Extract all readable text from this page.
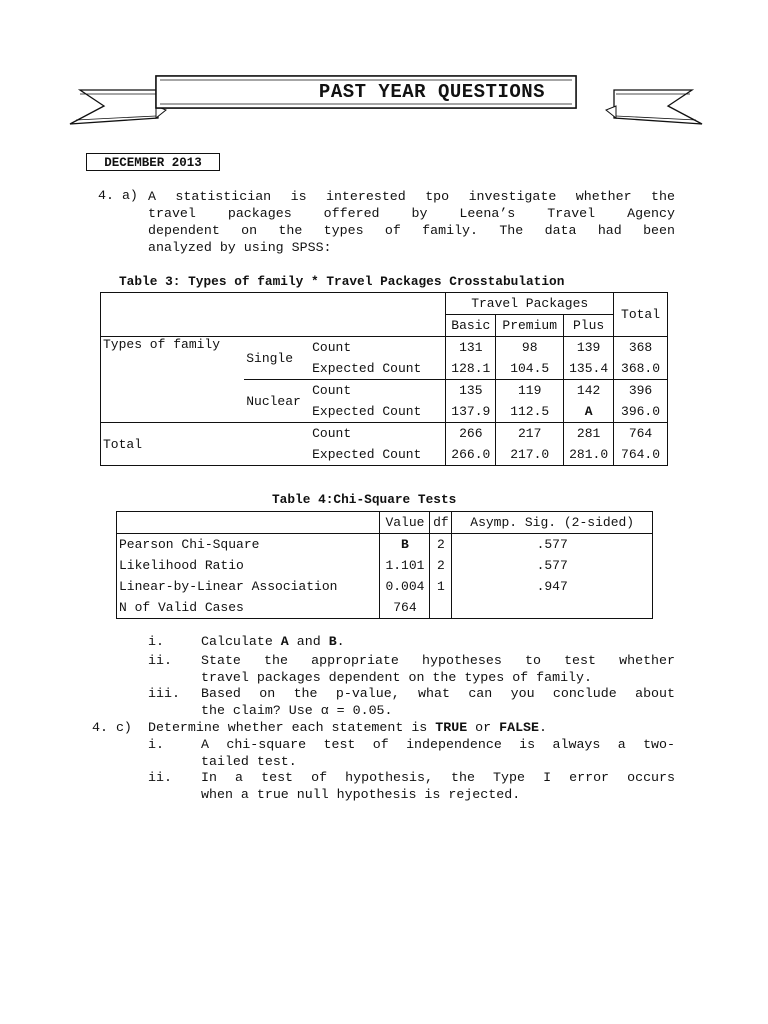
PAST YEAR QUESTIONS
DECEMBER 2013
4. a) A statistician is interested tpo investigate whether the
travel packages offered by Leena’s Travel Agency
dependent on the types of family. The data had been
analyzed by using SPSS:
Table 3: Types of family * Travel Packages Crosstabulation
			Travel Packages			Total
			Basic	Premium	Plus	
Types of family	Single	Count	131	98	139	368
		Expected Count	128.1	104.5	135.4	368.0
	Nuclear	Count	135	119	142	396
		Expected Count	137.9	112.5	A	396.0
Total		Count	266	217	281	764
		Expected Count	266.0	217.0	281.0	764.0
Table 4:Chi-Square Tests
	Value	df	Asymp. Sig. (2-sided)
Pearson Chi-Square	B	2	.577
Likelihood Ratio	1.101	2	.577
Linear-by-Linear Association	0.004	1	.947
N of Valid Cases	764		
i.	Calculate A and B.
ii. State the appropriate hypotheses to test whether
travel packages dependent on the types of family.
iii. Based on the p-value, what can you conclude about
the claim? Use α = 0.05.
4. c) Determine whether each statement is TRUE or FALSE.
i.	A chi-square test of independence is always a two-
tailed test.
ii. In a test of hypothesis, the Type I error occurs
when a true null hypothesis is rejected.
